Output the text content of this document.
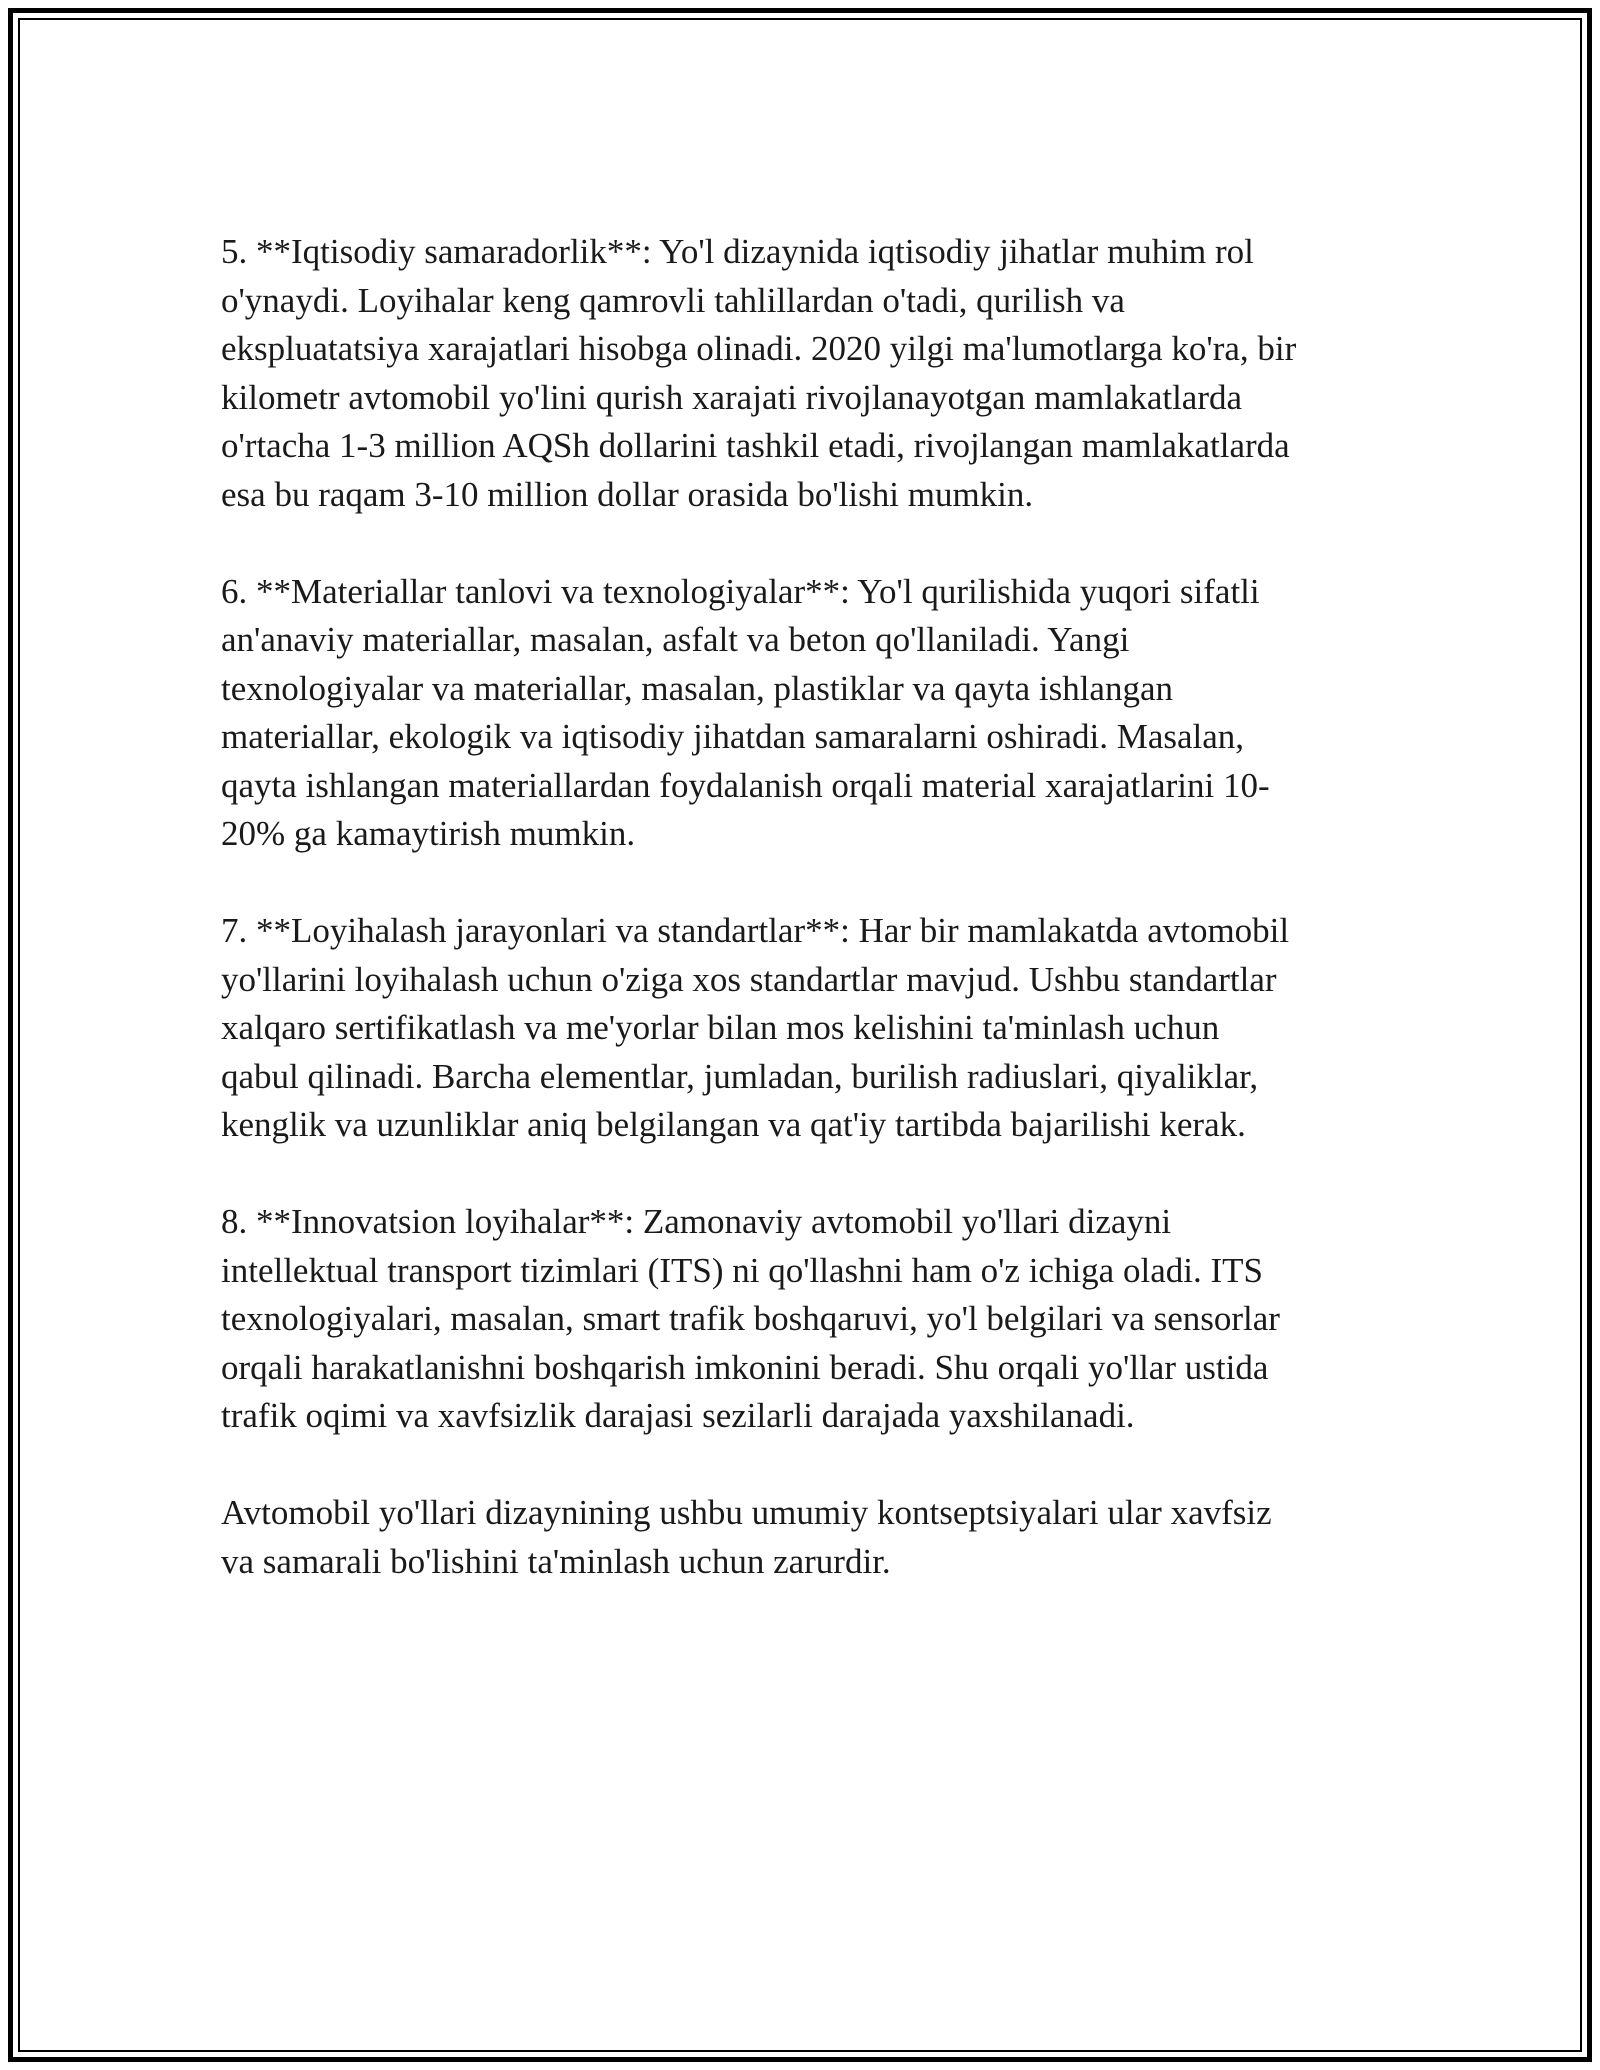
5. **Iqtisodiy samaradorlik**: Yo'l dizaynida iqtisodiy jihatlar muhim rol
o'ynaydi. Loyihalar keng qamrovli tahlillardan o'tadi, qurilish va
ekspluatatsiya xarajatlari hisobga olinadi. 2020 yilgi ma'lumotlarga ko'ra, bir
kilometr avtomobil yo'lini qurish xarajati rivojlanayotgan mamlakatlarda
o'rtacha 1-3 million AQSh dollarini tashkil etadi, rivojlangan mamlakatlarda
esa bu raqam 3-10 million dollar orasida bo'lishi mumkin.

6. **Materiallar tanlovi va texnologiyalar**: Yo'l qurilishida yuqori sifatli
an'anaviy materiallar, masalan, asfalt va beton qo'llaniladi. Yangi
texnologiyalar va materiallar, masalan, plastiklar va qayta ishlangan
materiallar, ekologik va iqtisodiy jihatdan samaralarni oshiradi. Masalan,
qayta ishlangan materiallardan foydalanish orqali material xarajatlarini 10-
20% ga kamaytirish mumkin.

7. **Loyihalash jarayonlari va standartlar**: Har bir mamlakatda avtomobil
yo'llarini loyihalash uchun o'ziga xos standartlar mavjud. Ushbu standartlar
xalqaro sertifikatlash va me'yorlar bilan mos kelishini ta'minlash uchun
qabul qilinadi. Barcha elementlar, jumladan, burilish radiuslari, qiyaliklar,
kenglik va uzunliklar aniq belgilangan va qat'iy tartibda bajarilishi kerak.

8. **Innovatsion loyihalar**: Zamonaviy avtomobil yo'llari dizayni
intellektual transport tizimlari (ITS) ni qo'llashni ham o'z ichiga oladi. ITS
texnologiyalari, masalan, smart trafik boshqaruvi, yo'l belgilari va sensorlar
orqali harakatlanishni boshqarish imkonini beradi. Shu orqali yo'llar ustida
trafik oqimi va xavfsizlik darajasi sezilarli darajada yaxshilanadi.

Avtomobil yo'llari dizaynining ushbu umumiy kontseptsiyalari ular xavfsiz
va samarali bo'lishini ta'minlash uchun zarurdir.
